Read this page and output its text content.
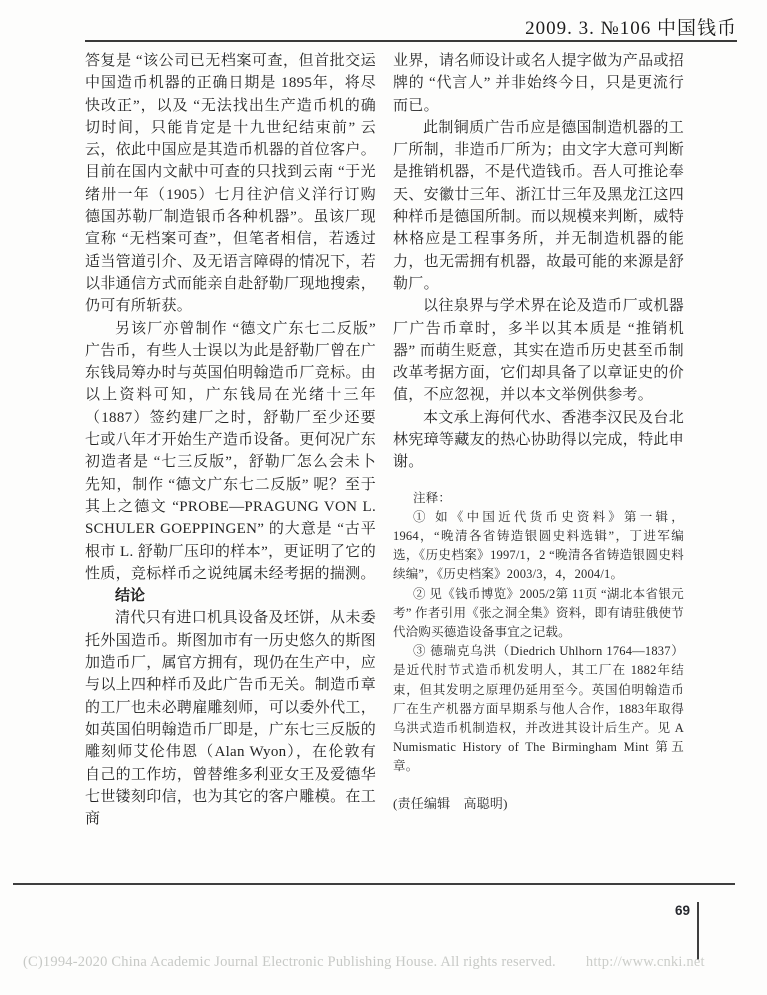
2009. 3. №106 中国钱币

答复是 “该公司已无档案可查，但首批交运中国造币机器的正确日期是 1895年，将尽快改正”，以及 “无法找出生产造币机的确切时间，只能肯定是十九世纪结束前” 云云，依此中国应是其造币机器的首位客户。目前在国内文献中可查的只找到云南 “于光绪卅一年（1905）七月往沪信义洋行订购德国苏勒厂制造银币各种机器”。虽该厂现宣称 “无档案可查”，但笔者相信，若透过适当管道引介、及无语言障碍的情况下，若以非通信方式而能亲自赴舒勒厂现地搜索，仍可有所斩获。

另该厂亦曾制作 “德文广东七二反版” 广告币，有些人士误以为此是舒勒厂曾在广东钱局筹办时与英国伯明翰造币厂竞标。由以上资料可知，广东钱局在光绪十三年（1887）签约建厂之时，舒勒厂至少还要七或八年才开始生产造币设备。更何况广东初造者是 “七三反版”，舒勒厂怎么会未卜先知，制作 “德文广东七二反版” 呢？至于其上之德文 “PROBE—PRAGUNG VON L. SCHULER GOEPPINGEN” 的大意是 “古平根市 L. 舒勒厂压印的样本”，更证明了它的性质，竞标样币之说纯属未经考据的揣测。

结论

清代只有进口机具设备及坯饼，从未委托外国造币。斯图加市有一历史悠久的斯图加造币厂，属官方拥有，现仍在生产中，应与以上四种样币及此广告币无关。制造币章的工厂也未必聘雇雕刻师，可以委外代工，如英国伯明翰造币厂即是，广东七三反版的雕刻师艾伦伟恩（Alan Wyon），在伦敦有自己的工作坊，曾替维多利亚女王及爱德华七世镂刻印信，也为其它的客户雕模。在工商

业界，请名师设计或名人提字做为产品或招牌的 “代言人” 并非始终今日，只是更流行而已。

此制铜质广告币应是德国制造机器的工厂所制，非造币厂所为；由文字大意可判断是推销机器，不是代造钱币。吾人可推论奉天、安徽廿三年、浙江廿三年及黑龙江这四种样币是德国所制。而以规模来判断，威特林格应是工程事务所，并无制造机器的能力，也无需拥有机器，故最可能的来源是舒勒厂。

以往泉界与学术界在论及造币厂或机器厂广告币章时，多半以其本质是 “推销机器” 而萌生贬意，其实在造币历史甚至币制改革考据方面，它们却具备了以章证史的价值，不应忽视，并以本文举例供参考。

本文承上海何代水、香港李汉民及台北林宪璋等藏友的热心协助得以完成，特此申谢。

注释：

① 如《中国近代货币史资料》第一辑，1964，“晚清各省铸造银圆史料选辑”，丁进军编选，《历史档案》1997/1，2 “晚清各省铸造银圆史料续编”，《历史档案》2003/3，4，2004/1。

② 见《钱币博览》2005/2第 11页 “湖北本省银元考” 作者引用《张之洞全集》资料，即有请驻俄使节代洽购买德造设备事宜之记载。

③ 德瑞克乌洪（Diedrich Uhlhorn 1764—1837）是近代肘节式造币机发明人，其工厂在 1882年结束，但其发明之原理仍延用至今。英国伯明翰造币厂在生产机器方面早期系与他人合作，1883年取得乌洪式造币机制造权，并改进其设计后生产。见 A Numismatic History of The Birmingham Mint 第五章。

(责任编辑　高聪明)

69
(C)1994-2020 China Academic Journal Electronic Publishing House. All rights reserved. http://www.cnki.net
